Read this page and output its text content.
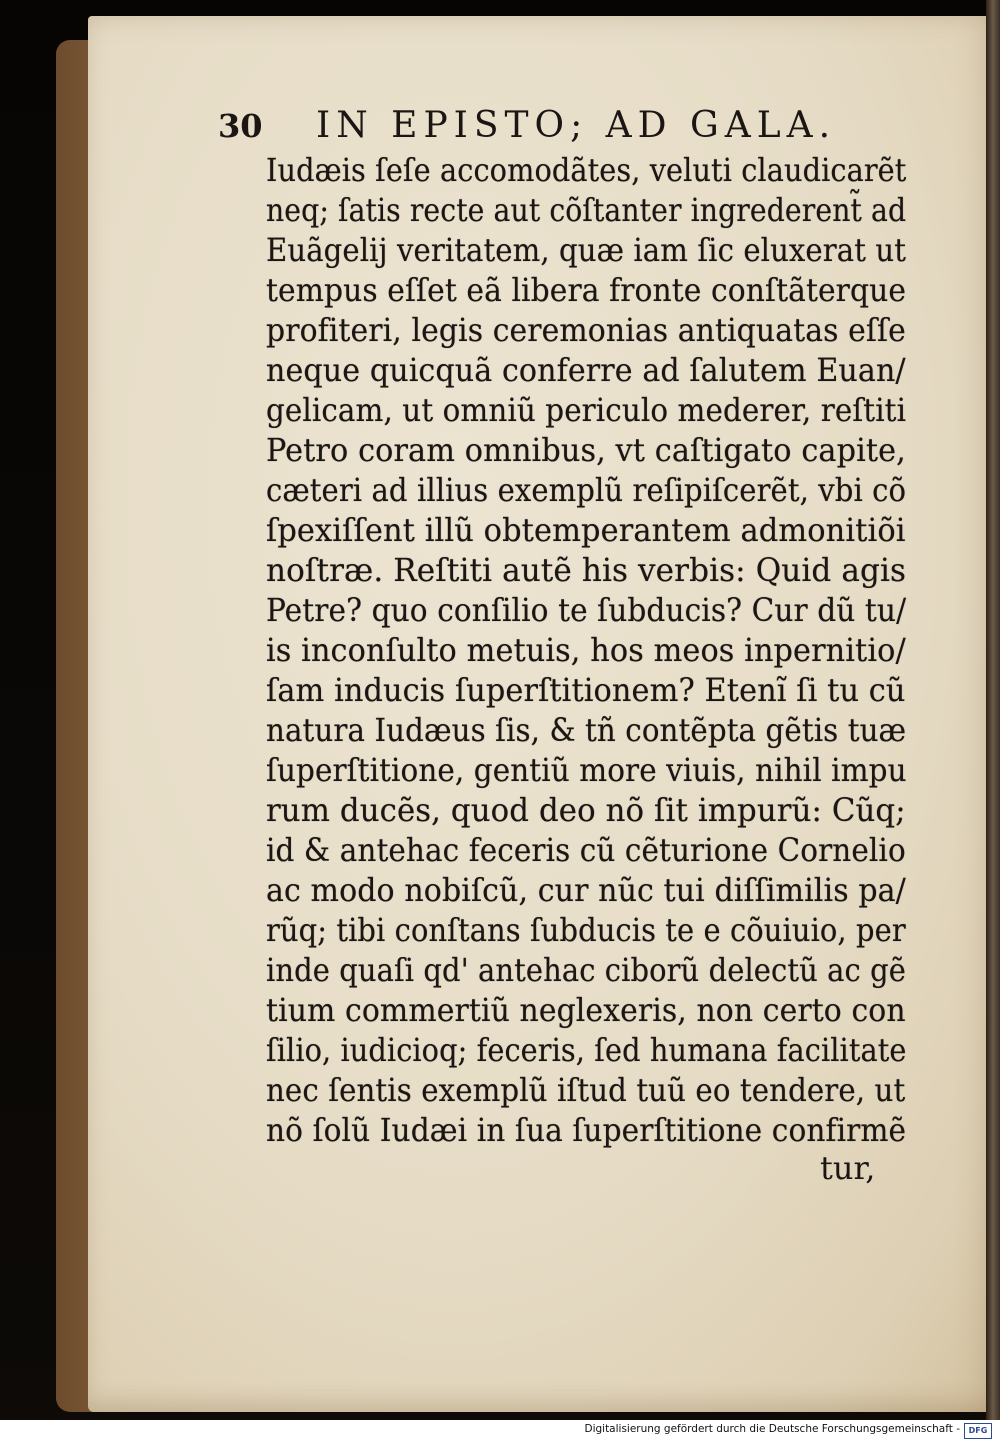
30 IN EPISTO; AD GALA.
Iudæis ſeſe accomodãtes, veluti claudicarẽt
neq; ſatis recte aut cõſtanter ingrederent̃ ad
Euãgelij veritatem, quæ iam ſic eluxerat ut
tempus eſſet eã libera fronte conſtãterque
profiteri, legis ceremonias antiquatas eſſe
neque quicquã conferre ad ſalutem Euan/
gelicam, ut omniũ periculo mederer, reſtiti
Petro coram omnibus, vt caſtigato capite,
cæteri ad illius exemplũ reſipiſcerẽt, vbi cõ
ſpexiſſent illũ obtemperantem admonitiõi
noſtræ. Reſtiti autẽ his verbis: Quid agis
Petre? quo conſilio te ſubducis? Cur dũ tu/
is inconſulto metuis, hos meos inpernitio/
ſam inducis ſuperſtitionem? Etenĩ ſi tu cũ
natura Iudæus ſis, & tñ contẽpta gẽtis tuæ
ſuperſtitione, gentiũ more viuis, nihil impu
rum ducẽs, quod deo nõ ſit impurũ: Cũq;
id & antehac feceris cũ cẽturione Cornelio
ac modo nobiſcũ, cur nũc tui diſſimilis pa/
rũq; tibi conſtans ſubducis te e cõuiuio, per
inde quaſi qd' antehac ciborũ delectũ ac gẽ
tium commertiũ neglexeris, non certo con
ſilio, iudicioq; feceris, ſed humana facilitate
nec ſentis exemplũ iſtud tuũ eo tendere, ut
nõ ſolũ Iudæi in ſua ſuperſtitione confirmẽ
tur,
Digitalisierung gefördert durch die Deutsche Forschungsgemeinschaft -	DFG
